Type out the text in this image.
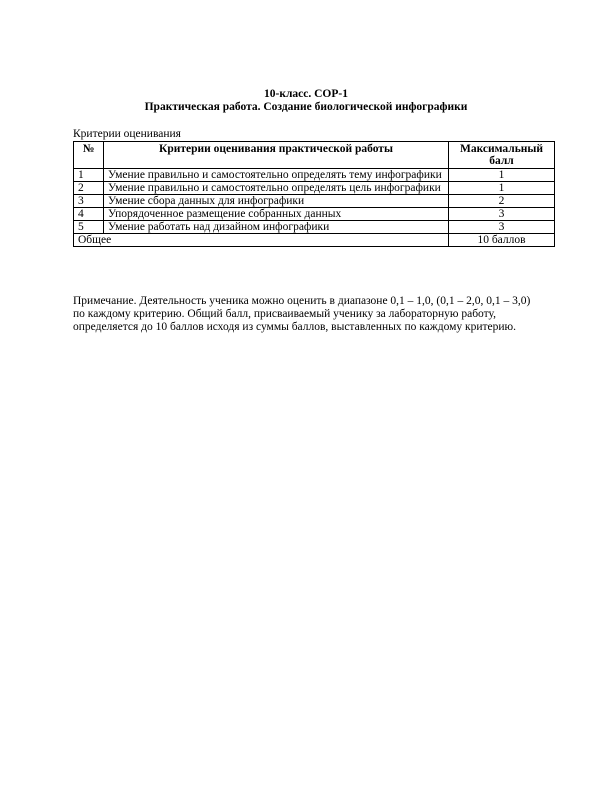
10-класс. СОР-1
Практическая работа. Создание биологической инфографики
Критерии оценивания
№	Критерии оценивания практической работы	Максимальный балл
1	Умение правильно и самостоятельно определять тему инфографики	1
2	Умение правильно и самостоятельно определять цель инфографики	1
3	Умение сбора данных для инфографики	2
4	Упорядоченное размещение собранных данных	3
5	Умение работать над дизайном инфографики	3
Общее		10 баллов
Примечание. Деятельность ученика можно оценить в диапазоне 0,1 – 1,0, (0,1 – 2,0, 0,1 – 3,0) по каждому критерию. Общий балл, присваиваемый ученику за лабораторную работу, определяется до 10 баллов исходя из суммы баллов, выставленных по каждому критерию.
